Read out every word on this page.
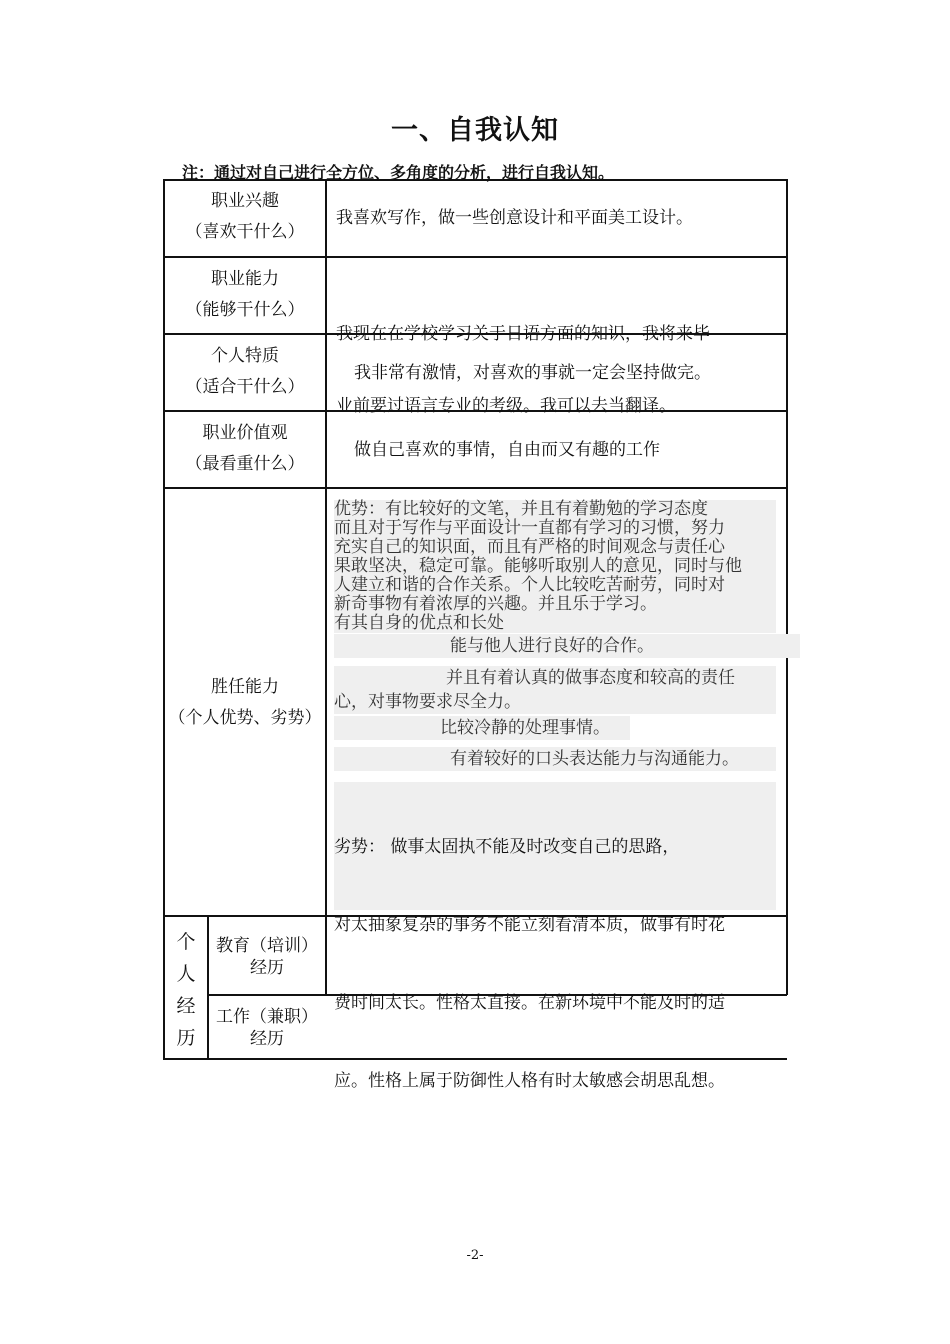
一、自我认知
注：通过对自己进行全方位、多角度的分析，进行自我认知。
职业兴趣
（喜欢干什么）
我喜欢写作，做一些创意设计和平面美工设计。
职业能力
（能够干什么）

我现在在学校学习关于日语方面的知识，我将来毕

业前要过语言专业的考级。我可以去当翻译。

个人特质
（适合干什么）
我非常有激情，对喜欢的事就一定会坚持做完。
职业价值观
（最看重什么）
做自己喜欢的事情，自由而又有趣的工作
胜任能力
（个人优势、劣势）
优势：有比较好的文笔，并且有着勤勉的学习态度
而且对于写作与平面设计一直都有学习的习惯，努力
充实自己的知识面，而且有严格的时间观念与责任心
果敢坚决，稳定可靠。能够听取别人的意见，同时与他
人建立和谐的合作关系。个人比较吃苦耐劳，同时对
新奇事物有着浓厚的兴趣。并且乐于学习。
有其自身的优点和长处
能与他人进行良好的合作。
并且有着认真的做事态度和较高的责任
心，对事物要求尽全力。
比较冷静的处理事情。
有着较好的口头表达能力与沟通能力。

劣势： 做事太固执不能及时改变自己的思路，

对太抽象复杂的事务不能立刻看清本质，做事有时花

费时间太长。性格太直接。在新环境中不能及时的适

应。性格上属于防御性人格有时太敏感会胡思乱想。

个
人
经
历
教育（培训）
经历
工作（兼职）
经历
-2-
